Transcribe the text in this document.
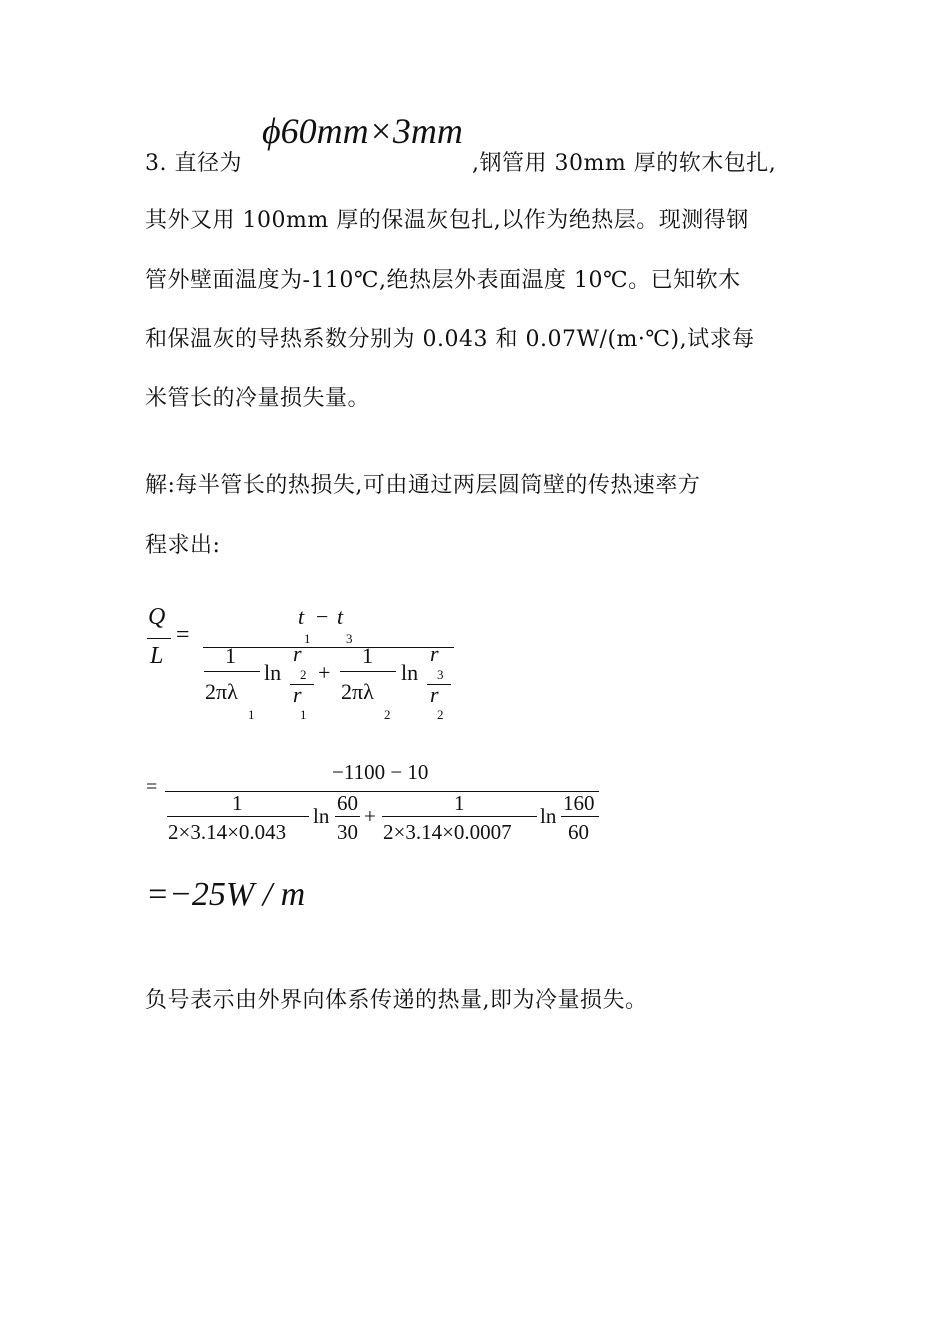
3. 直径为
ϕ60mm×3mm
,钢管用 30mm 厚的软木包扎,
其外又用 100mm 厚的保温灰包扎,以作为绝热层。现测得钢
管外壁面温度为-110℃,绝热层外表面温度 10℃。已知软木
和保温灰的导热系数分别为 0.043 和 0.07W/(m·℃),试求每
米管长的冷量损失量。
解:每半管长的热损失,可由通过两层圆筒壁的传热速率方
程求出:
Q
L
=
t − t
1	3
1
2πλ
1
ln
r
2
r
1
+
1
2πλ
2
ln
r
3
r
2
=
−1100 − 10
1
2×3.14×0.043
ln
60
30
+
1
2×3.14×0.0007
ln
160
60
=−25W / m
负号表示由外界向体系传递的热量,即为冷量损失。
